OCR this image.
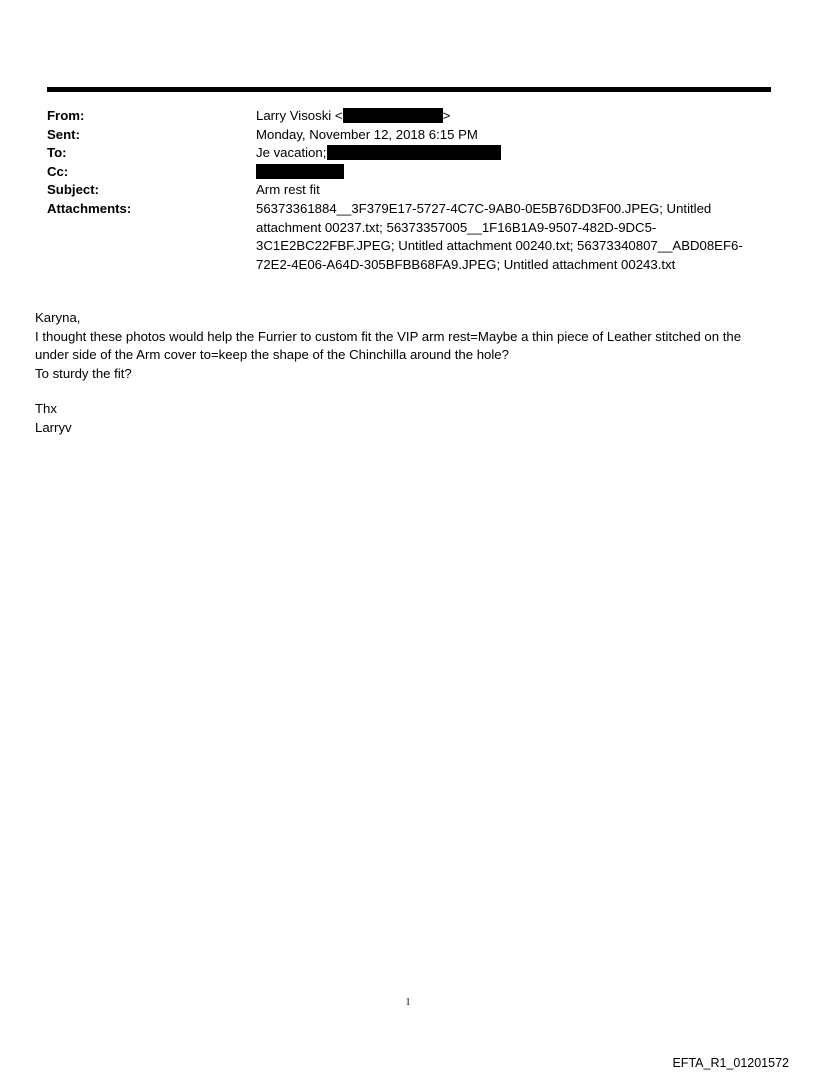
From:	Larry Visoski <	>
Sent:	Monday, November 12, 2018 6:15 PM
To:	Je vacation;
Cc:
Subject:	Arm rest fit
Attachments:	56373361884__3F379E17-5727-4C7C-9AB0-0E5B76DD3F00.JPEG; Untitled attachment 00237.txt; 56373357005__1F16B1A9-9507-482D-9DC5-3C1E2BC22FBF.JPEG; Untitled attachment 00240.txt; 56373340807__ABD08EF6-72E2-4E06-A64D-305BFBB68FA9.JPEG; Untitled attachment 00243.txt

Karyna,

I thought these photos would help the Furrier to custom fit the VIP arm rest=Maybe a thin piece of Leather stitched on the under side of the Arm cover to=keep the shape of the Chinchilla around the hole?

To sturdy the fit?

Thx

Larryv

1
EFTA_R1_01201572
